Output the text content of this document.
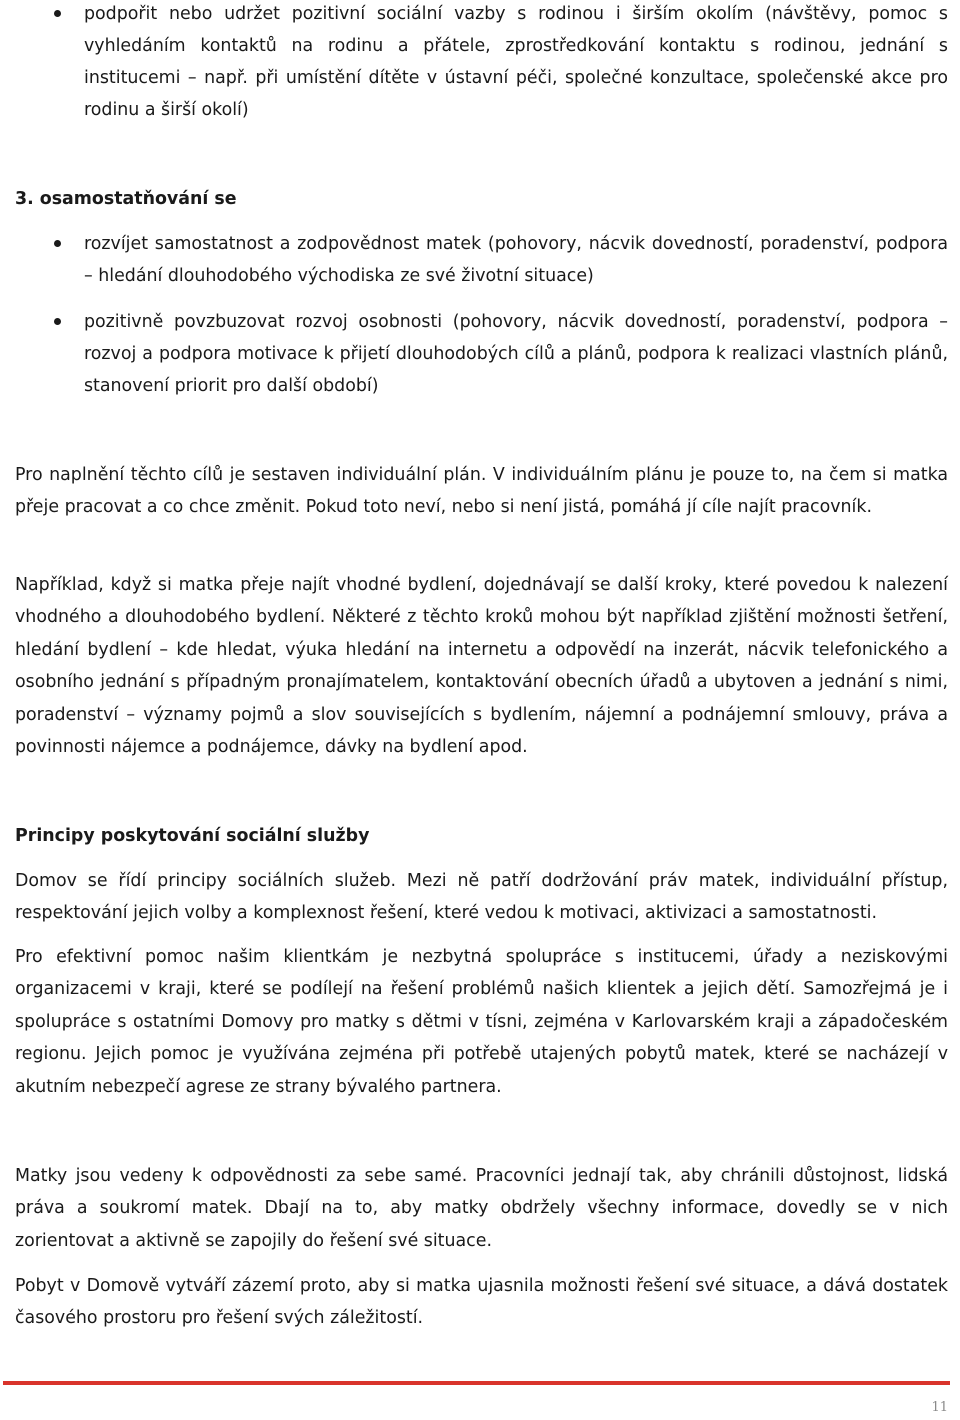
podpořit nebo udržet pozitivní sociální vazby s rodinou i širším okolím (návštěvy, pomoc s vyhledáním kontaktů na rodinu a přátele, zprostředkování kontaktu s rodinou, jednání s institucemi – např. při umístění dítěte v ústavní péči, společné konzultace, společenské akce pro rodinu a širší okolí)
3. osamostatňování se
rozvíjet samostatnost a zodpovědnost matek (pohovory, nácvik dovedností, poradenství, podpora – hledání dlouhodobého východiska ze své životní situace)
pozitivně povzbuzovat rozvoj osobnosti (pohovory, nácvik dovedností, poradenství, podpora – rozvoj a podpora motivace k přijetí dlouhodobých cílů a plánů, podpora k realizaci vlastních plánů, stanovení priorit pro další období)

Pro naplnění těchto cílů je sestaven individuální plán. V individuálním plánu je pouze to, na čem si matka přeje pracovat a co chce změnit. Pokud toto neví, nebo si není jistá, pomáhá jí cíle najít pracovník.

Například, když si matka přeje najít vhodné bydlení, dojednávají se další kroky, které povedou k nalezení vhodného a dlouhodobého bydlení. Některé z těchto kroků mohou být například zjištění možnosti šetření, hledání bydlení – kde hledat, výuka hledání na internetu a odpovědí na inzerát, nácvik telefonického a osobního jednání s případným pronajímatelem, kontaktování obecních úřadů a ubytoven a jednání s nimi, poradenství – významy pojmů a slov souvisejících s bydlením, nájemní a podnájemní smlouvy, práva a povinnosti nájemce a podnájemce, dávky na bydlení apod.

Principy poskytování sociální služby

Domov se řídí principy sociálních služeb. Mezi ně patří dodržování práv matek, individuální přístup, respektování jejich volby a komplexnost řešení, které vedou k motivaci, aktivizaci a samostatnosti.

Pro efektivní pomoc našim klientkám je nezbytná spolupráce s institucemi, úřady a neziskovými organizacemi v kraji, které se podílejí na řešení problémů našich klientek a jejich dětí. Samozřejmá je i spolupráce s ostatními Domovy pro matky s dětmi v tísni, zejména v Karlovarském kraji a západočeském regionu. Jejich pomoc je využívána zejména při potřebě utajených pobytů matek, které se nacházejí v akutním nebezpečí agrese ze strany bývalého partnera.

Matky jsou vedeny k odpovědnosti za sebe samé. Pracovníci jednají tak, aby chránili důstojnost, lidská práva a soukromí matek. Dbají na to, aby matky obdržely všechny informace, dovedly se v nich zorientovat a aktivně se zapojily do řešení své situace.

Pobyt v Domově vytváří zázemí proto, aby si matka ujasnila možnosti řešení své situace, a dává dostatek časového prostoru pro řešení svých záležitostí.

11
